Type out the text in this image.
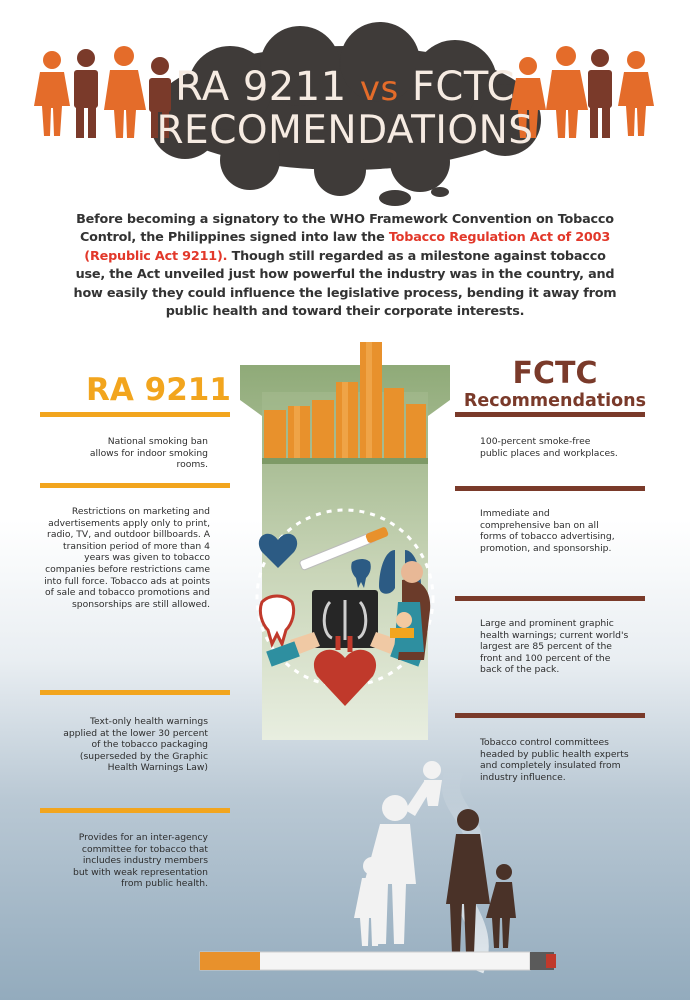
RA 9211 vs FCTC
RECOMENDATIONS
Before becoming a signatory to the WHO Framework Convention on Tobacco Control, the Philippines signed into law the Tobacco Regulation Act of 2003 (Republic Act 9211). Though still regarded as a milestone against tobacco use, the Act unveiled just how powerful the industry was in the country, and how easily they could influence the legislative process, bending it away from public health and toward their corporate interests.
RA 9211	FCTC
Recommendations
National smoking ban allows for indoor smoking rooms.
Restrictions on marketing and advertisements apply only to print, radio, TV, and outdoor billboards. A transition period of more than 4 years was given to tobacco companies before restrictions came into full force. Tobacco ads at points of sale and tobacco promotions and sponsorships are still allowed.
Text-only health warnings applied at the lower 30 percent of the tobacco packaging (superseded by the Graphic Health Warnings Law)
Provides for an inter-agency committee for tobacco that includes industry members but with weak representation from public health.
100-percent smoke-free public places and workplaces.
Immediate and comprehensive ban on all forms of tobacco advertising, promotion, and sponsorship.
Large and prominent graphic health warnings; current world's largest are 85 percent of the front and 100 percent of the back of the pack.
Tobacco control committees headed by public health experts and completely insulated from industry influence.
